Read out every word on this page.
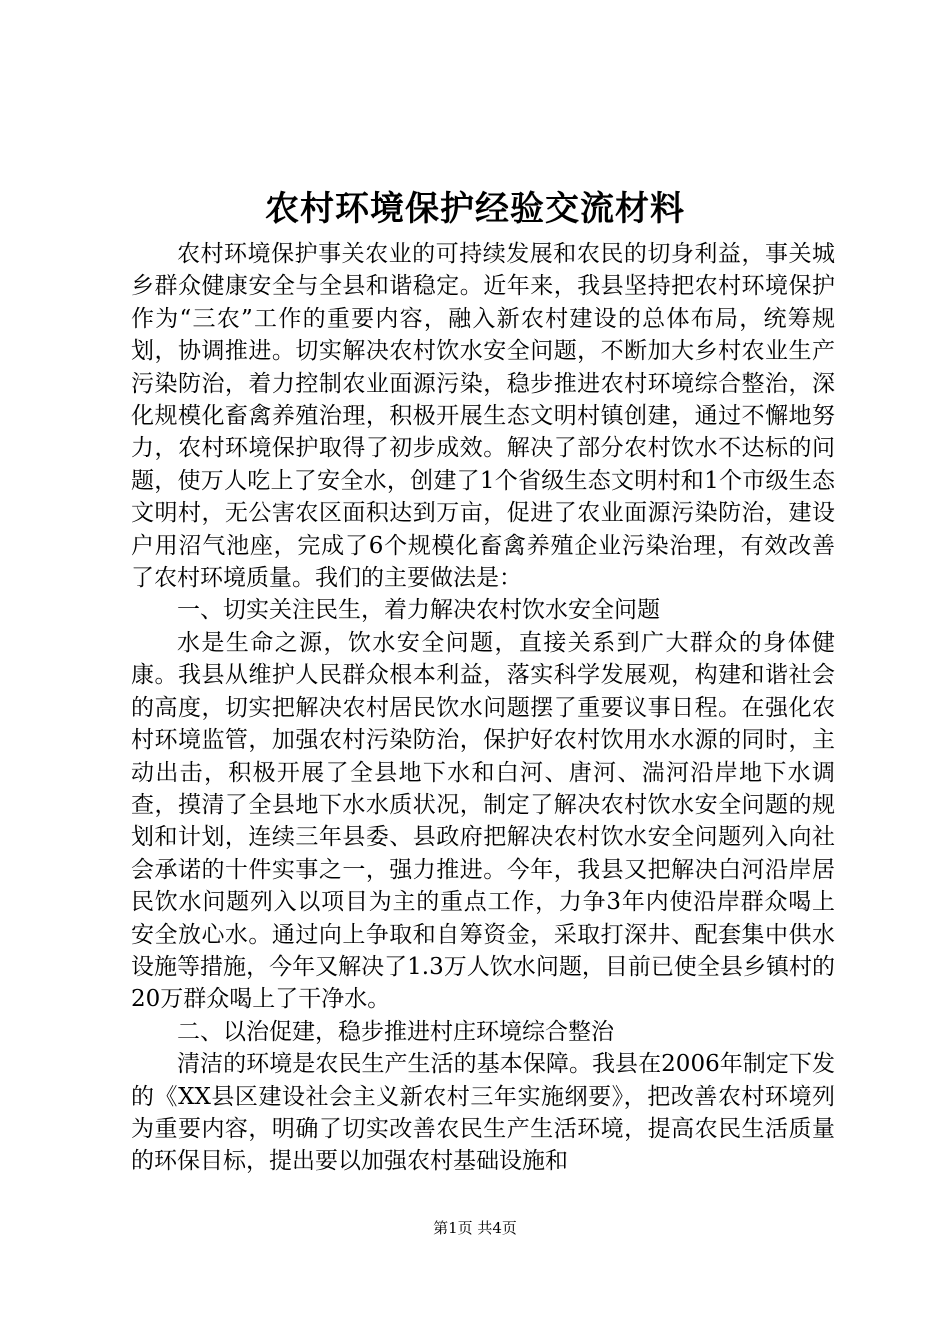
农村环境保护经验交流材料

农村环境保护事关农业的可持续发展和农民的切身利益，事关城乡群众健康安全与全县和谐稳定。近年来，我县坚持把农村环境保护作为“三农”工作的重要内容，融入新农村建设的总体布局，统筹规划，协调推进。切实解决农村饮水安全问题，不断加大乡村农业生产污染防治，着力控制农业面源污染，稳步推进农村环境综合整治，深化规模化畜禽养殖治理，积极开展生态文明村镇创建，通过不懈地努力，农村环境保护取得了初步成效。解决了部分农村饮水不达标的问题，使万人吃上了安全水，创建了1个省级生态文明村和1个市级生态文明村，无公害农区面积达到万亩，促进了农业面源污染防治，建设户用沼气池座，完成了6个规模化畜禽养殖企业污染治理，有效改善了农村环境质量。我们的主要做法是：

一、切实关注民生，着力解决农村饮水安全问题

水是生命之源，饮水安全问题，直接关系到广大群众的身体健康。我县从维护人民群众根本利益，落实科学发展观，构建和谐社会的高度，切实把解决农村居民饮水问题摆了重要议事日程。在强化农村环境监管，加强农村污染防治，保护好农村饮用水水源的同时，主动出击，积极开展了全县地下水和白河、唐河、湍河沿岸地下水调查，摸清了全县地下水水质状况，制定了解决农村饮水安全问题的规划和计划，连续三年县委、县政府把解决农村饮水安全问题列入向社会承诺的十件实事之一，强力推进。今年，我县又把解决白河沿岸居民饮水问题列入以项目为主的重点工作，力争3年内使沿岸群众喝上安全放心水。通过向上争取和自筹资金，采取打深井、配套集中供水设施等措施，今年又解决了1.3万人饮水问题，目前已使全县乡镇村的20万群众喝上了干净水。

二、以治促建，稳步推进村庄环境综合整治

清洁的环境是农民生产生活的基本保障。我县在2006年制定下发的《XX县区建设社会主义新农村三年实施纲要》，把改善农村环境列为重要内容，明确了切实改善农民生产生活环境，提高农民生活质量的环保目标，提出要以加强农村基础设施和

第1页 共4页
